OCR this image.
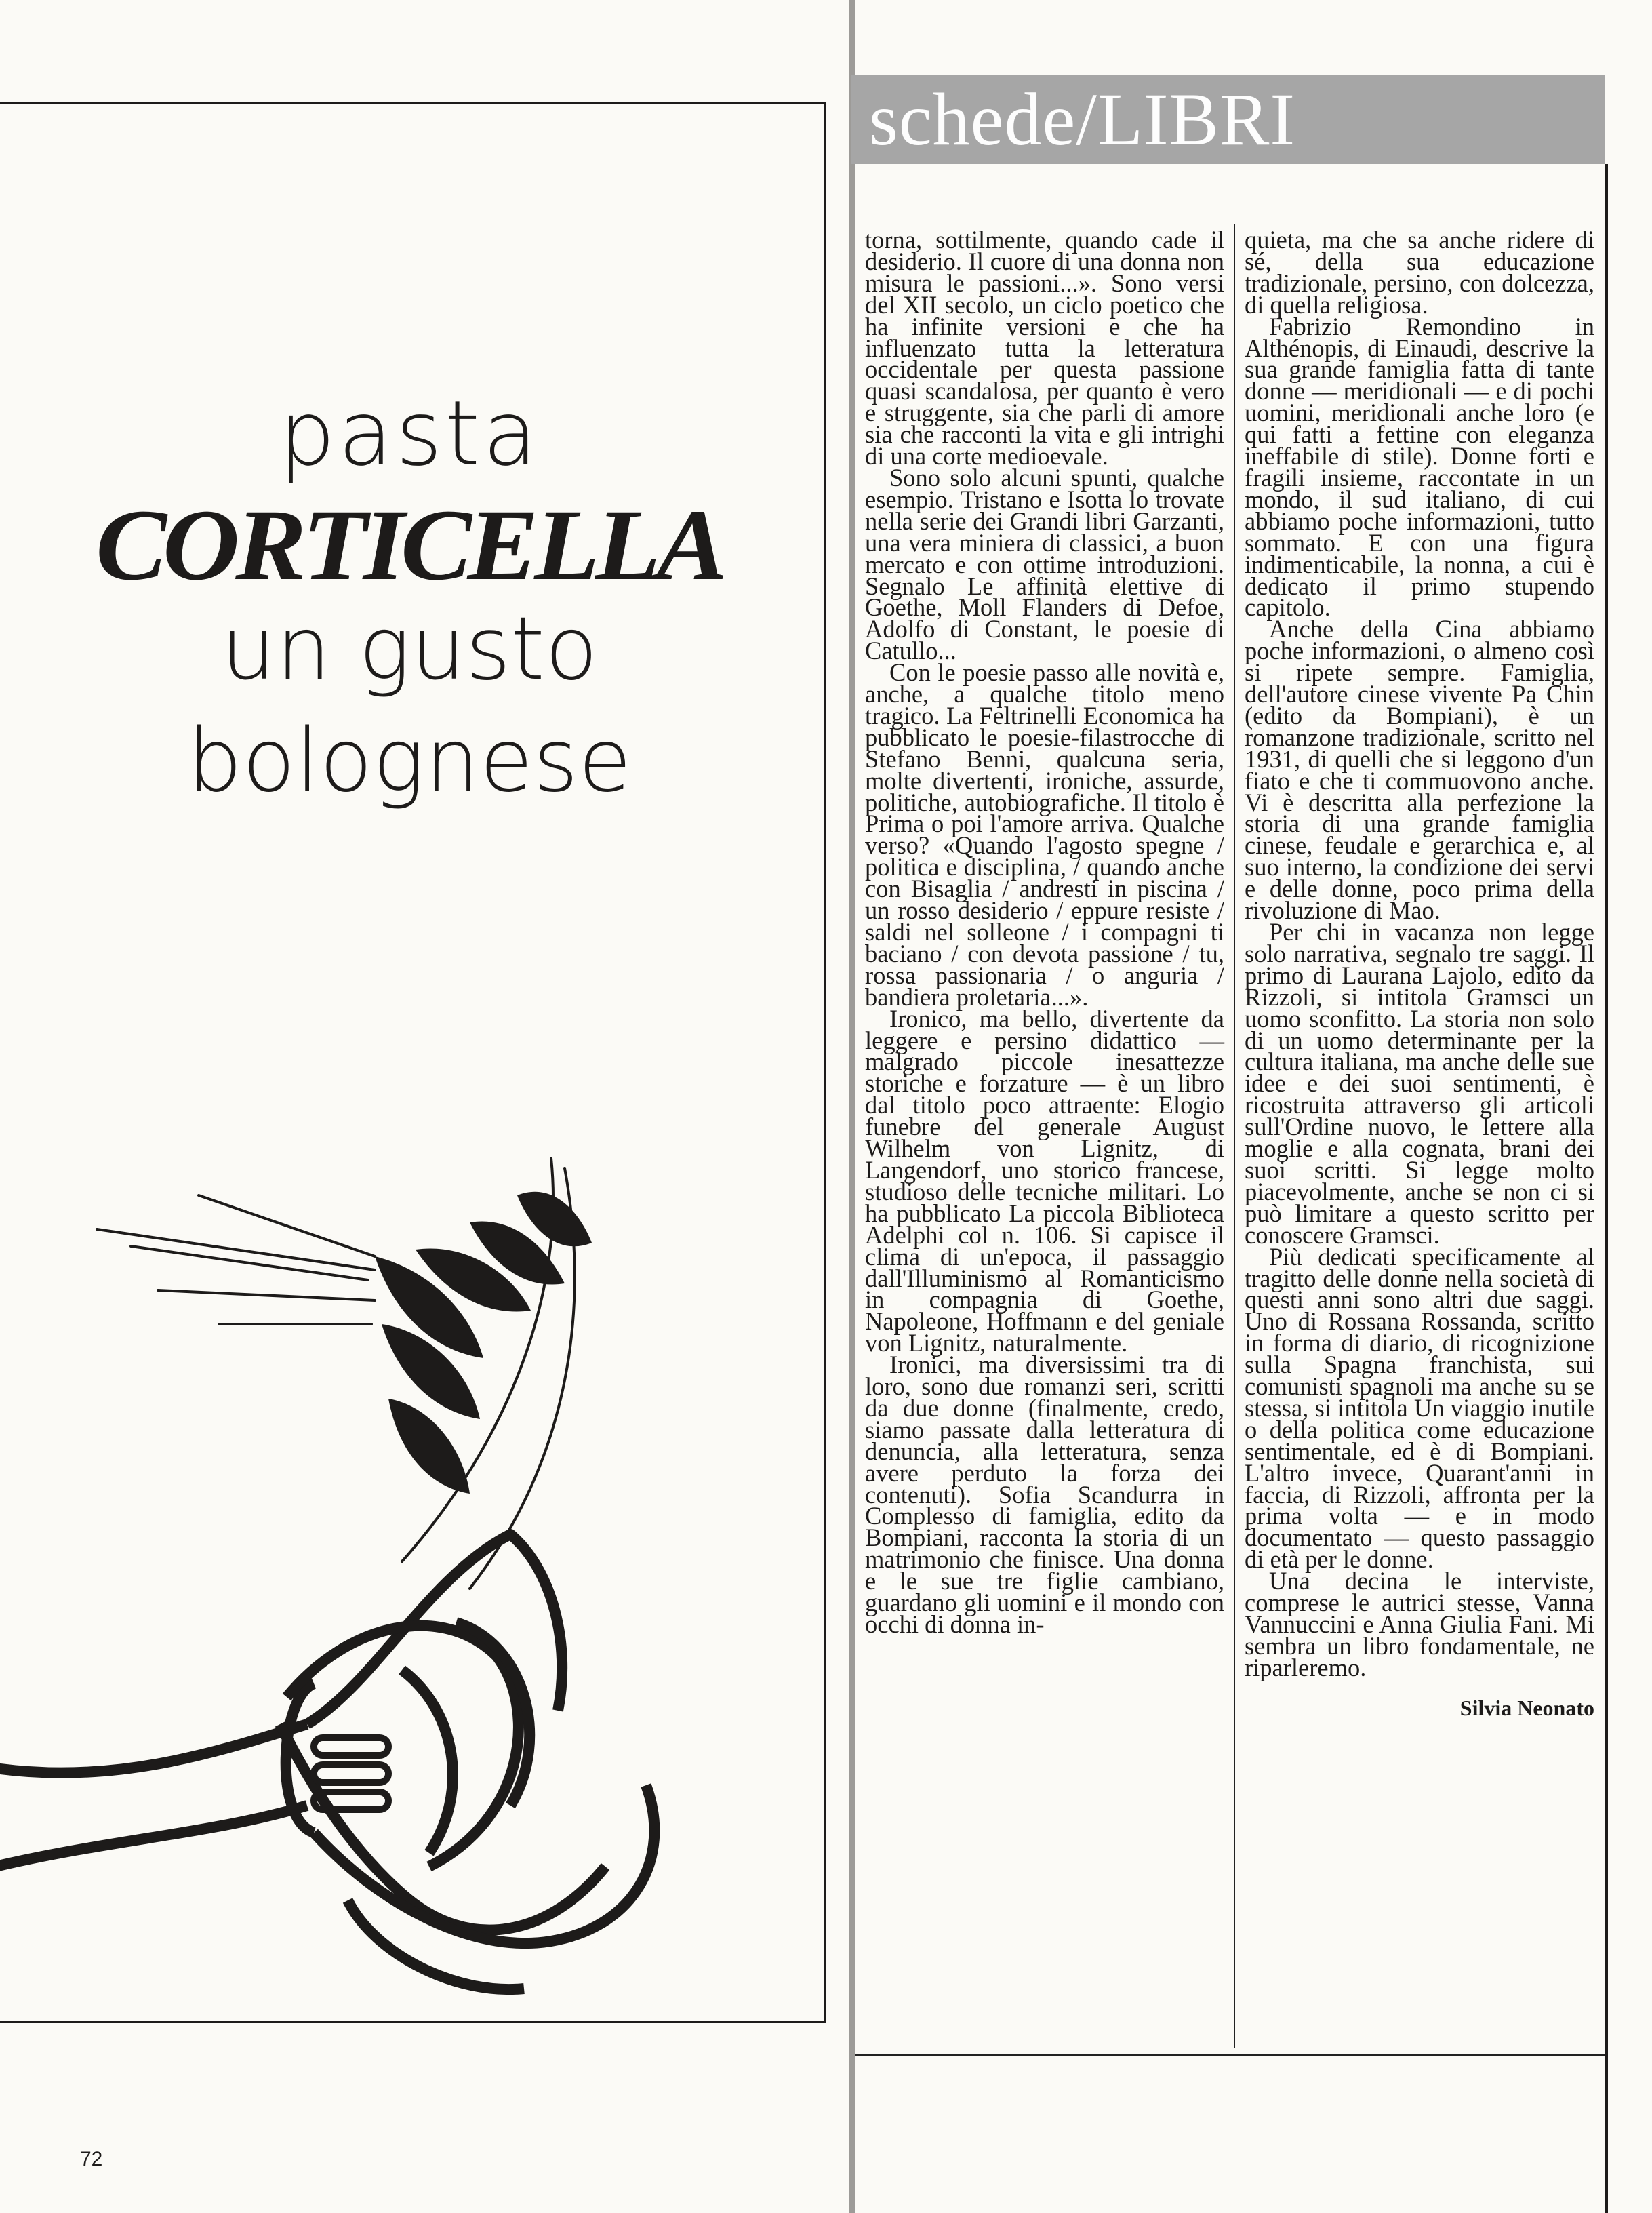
pasta
CORTICELLA
un gusto
bolognese
72
schede/LIBRI

torna, sottilmente, quando cade il desiderio. Il cuore di una donna non misura le passioni...». Sono versi del XII secolo, un ciclo poetico che ha infinite versioni e che ha influenzato tutta la letteratura occidentale per questa passione quasi scandalosa, per quanto è vero e struggente, sia che parli di amore sia che racconti la vita e gli intrighi di una corte medioevale.

Sono solo alcuni spunti, qualche esempio. Tristano e Isotta lo trovate nella serie dei Grandi libri Garzanti, una vera miniera di classici, a buon mercato e con ottime introduzioni. Segnalo Le affinità elettive di Goethe, Moll Flanders di Defoe, Adolfo di Constant, le poesie di Catullo...

Con le poesie passo alle novità e, anche, a qualche titolo meno tragico. La Feltrinelli Economica ha pubblicato le poesie-filastrocche di Stefano Benni, qualcuna seria, molte divertenti, ironiche, assurde, politiche, autobiografiche. Il titolo è Prima o poi l'amore arriva. Qualche verso? «Quando l'agosto spegne / politica e disciplina, / quando anche con Bisaglia / andresti in piscina / un rosso desiderio / eppure resiste / saldi nel solleone / i compagni ti baciano / con devota passione / tu, rossa passionaria / o anguria / bandiera proletaria...».

Ironico, ma bello, divertente da leggere e persino didattico — malgrado piccole inesattezze storiche e forzature — è un libro dal titolo poco attraente: Elogio funebre del generale August Wilhelm von Lignitz, di Langendorf, uno storico francese, studioso delle tecniche militari. Lo ha pubblicato La piccola Biblioteca Adelphi col n. 106. Si capisce il clima di un'epoca, il passaggio dall'Illuminismo al Romanticismo in compagnia di Goethe, Napoleone, Hoffmann e del geniale von Lignitz, naturalmente.

Ironici, ma diversissimi tra di loro, sono due romanzi seri, scritti da due donne (finalmente, credo, siamo passate dalla letteratura di denuncia, alla letteratura, senza avere perduto la forza dei contenuti). Sofia Scandurra in Complesso di famiglia, edito da Bompiani, racconta la storia di un matrimonio che finisce. Una donna e le sue tre figlie cambiano, guardano gli uomini e il mondo con occhi di donna in-

quieta, ma che sa anche ridere di sé, della sua educazione tradizionale, persino, con dolcezza, di quella religiosa.

Fabrizio Remondino in Althénopis, di Einaudi, descrive la sua grande famiglia fatta di tante donne — meridionali — e di pochi uomini, meridionali anche loro (e qui fatti a fettine con eleganza ineffabile di stile). Donne forti e fragili insieme, raccontate in un mondo, il sud italiano, di cui abbiamo poche informazioni, tutto sommato. E con una figura indimenticabile, la nonna, a cui è dedicato il primo stupendo capitolo.

Anche della Cina abbiamo poche informazioni, o almeno così si ripete sempre. Famiglia, dell'autore cinese vivente Pa Chin (edito da Bompiani), è un romanzone tradizionale, scritto nel 1931, di quelli che si leggono d'un fiato e che ti commuovono anche. Vi è descritta alla perfezione la storia di una grande famiglia cinese, feudale e gerarchica e, al suo interno, la condizione dei servi e delle donne, poco prima della rivoluzione di Mao.

Per chi in vacanza non legge solo narrativa, segnalo tre saggi. Il primo di Laurana Lajolo, edito da Rizzoli, si intitola Gramsci un uomo sconfitto. La storia non solo di un uomo determinante per la cultura italiana, ma anche delle sue idee e dei suoi sentimenti, è ricostruita attraverso gli articoli sull'Ordine nuovo, le lettere alla moglie e alla cognata, brani dei suoi scritti. Si legge molto piacevolmente, anche se non ci si può limitare a questo scritto per conoscere Gramsci.

Più dedicati specificamente al tragitto delle donne nella società di questi anni sono altri due saggi. Uno di Rossana Rossanda, scritto in forma di diario, di ricognizione sulla Spagna franchista, sui comunisti spagnoli ma anche su se stessa, si intitola Un viaggio inutile o della politica come educazione sentimentale, ed è di Bompiani. L'altro invece, Quarant'anni in faccia, di Rizzoli, affronta per la prima volta — e in modo documentato — questo passaggio di età per le donne.

Una decina le interviste, comprese le autrici stesse, Vanna Vannuccini e Anna Giulia Fani. Mi sembra un libro fondamentale, ne riparleremo.

Silvia Neonato
